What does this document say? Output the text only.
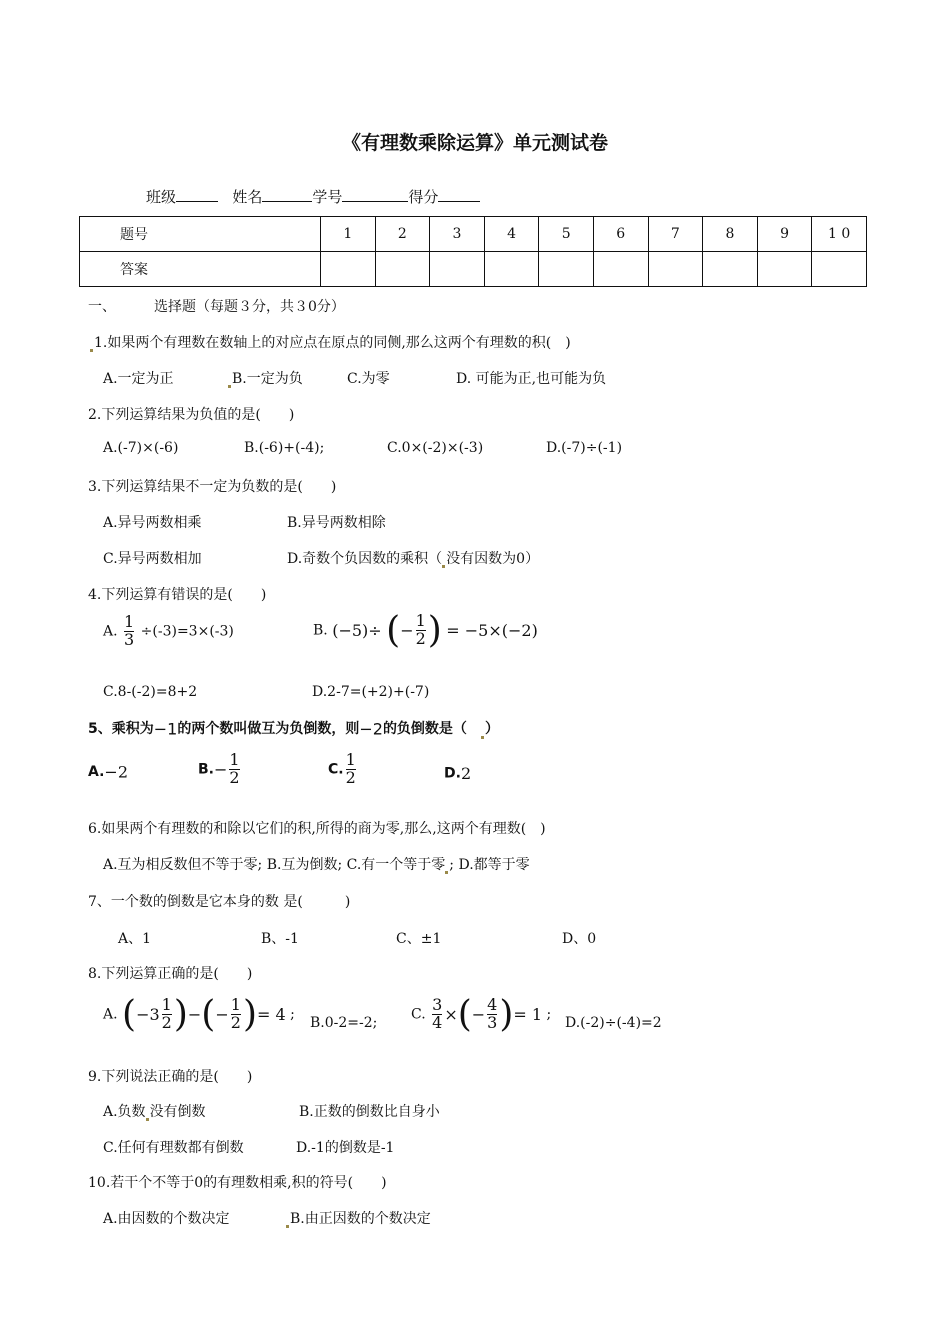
《有理数乘除运算》单元测试卷
班级	姓名	学号	得分
题号	1	2	3	4	5	6	7	8	9	1 0
答案										
一、	选择题（每题３分，共３0分）
1.如果两个有理数在数轴上的对应点在原点的同侧,那么这两个有理数的积(　)
A.一定为正	B.一定为负	C.为零	D. 可能为正,也可能为负
2.下列运算结果为负值的是(　　)
A.(-7)×(-6)	B.(-6)+(-4);	C.0×(-2)×(-3)	D.(-7)÷(-1)
3.下列运算结果不一定为负数的是(　　)
A.异号两数相乘	B.异号两数相除
C.异号两数相加	D.奇数个负因数的乘积（ 没有因数为0）
4.下列运算有错误的是(　　)
A. $\frac{1}{3} \div(-3)=3\times(-3)$	B. (−5)÷ (− $\frac{1}{2}$ ) = −5×(−2)
C.8-(-2)=8+2	D.2-7=(+2)+(-7)
5、乘积为−1的两个数叫做互为负倒数，则−2的负倒数是（　）
A.−2	$B.- \frac{1}{2}$	C. $\frac{1}{2}$	D.2
6.如果两个有理数的和除以它们的积,所得的商为零,那么,这两个有理数(　)
A.互为相反数但不等于零; B.互为倒数; C.有一个等于零 ; D.都等于零
7、一个数的倒数是它本身的数 是(　　　)
A、1	B、-1	C、±1	D、0
8.下列运算正确的是(　　)
A. ($-3 \frac{1}{2}$ )−(− $\frac{1}{2}$ )= 4 ;
B.0-2=-2;
C. $\frac{3}{4}$ ×(− $\frac{4}{3}$ )= 1 ;
D.(-2)÷(-4)=2
9.下列说法正确的是(　　)
A.负数 没有倒数	B.正数的倒数比自身小
C.任何有理数都有倒数	D.-1的倒数是-1
10.若干个不等于0的有理数相乘,积的符号(　　)
A.由因数的个数决定	B.由正因数的个数决定
